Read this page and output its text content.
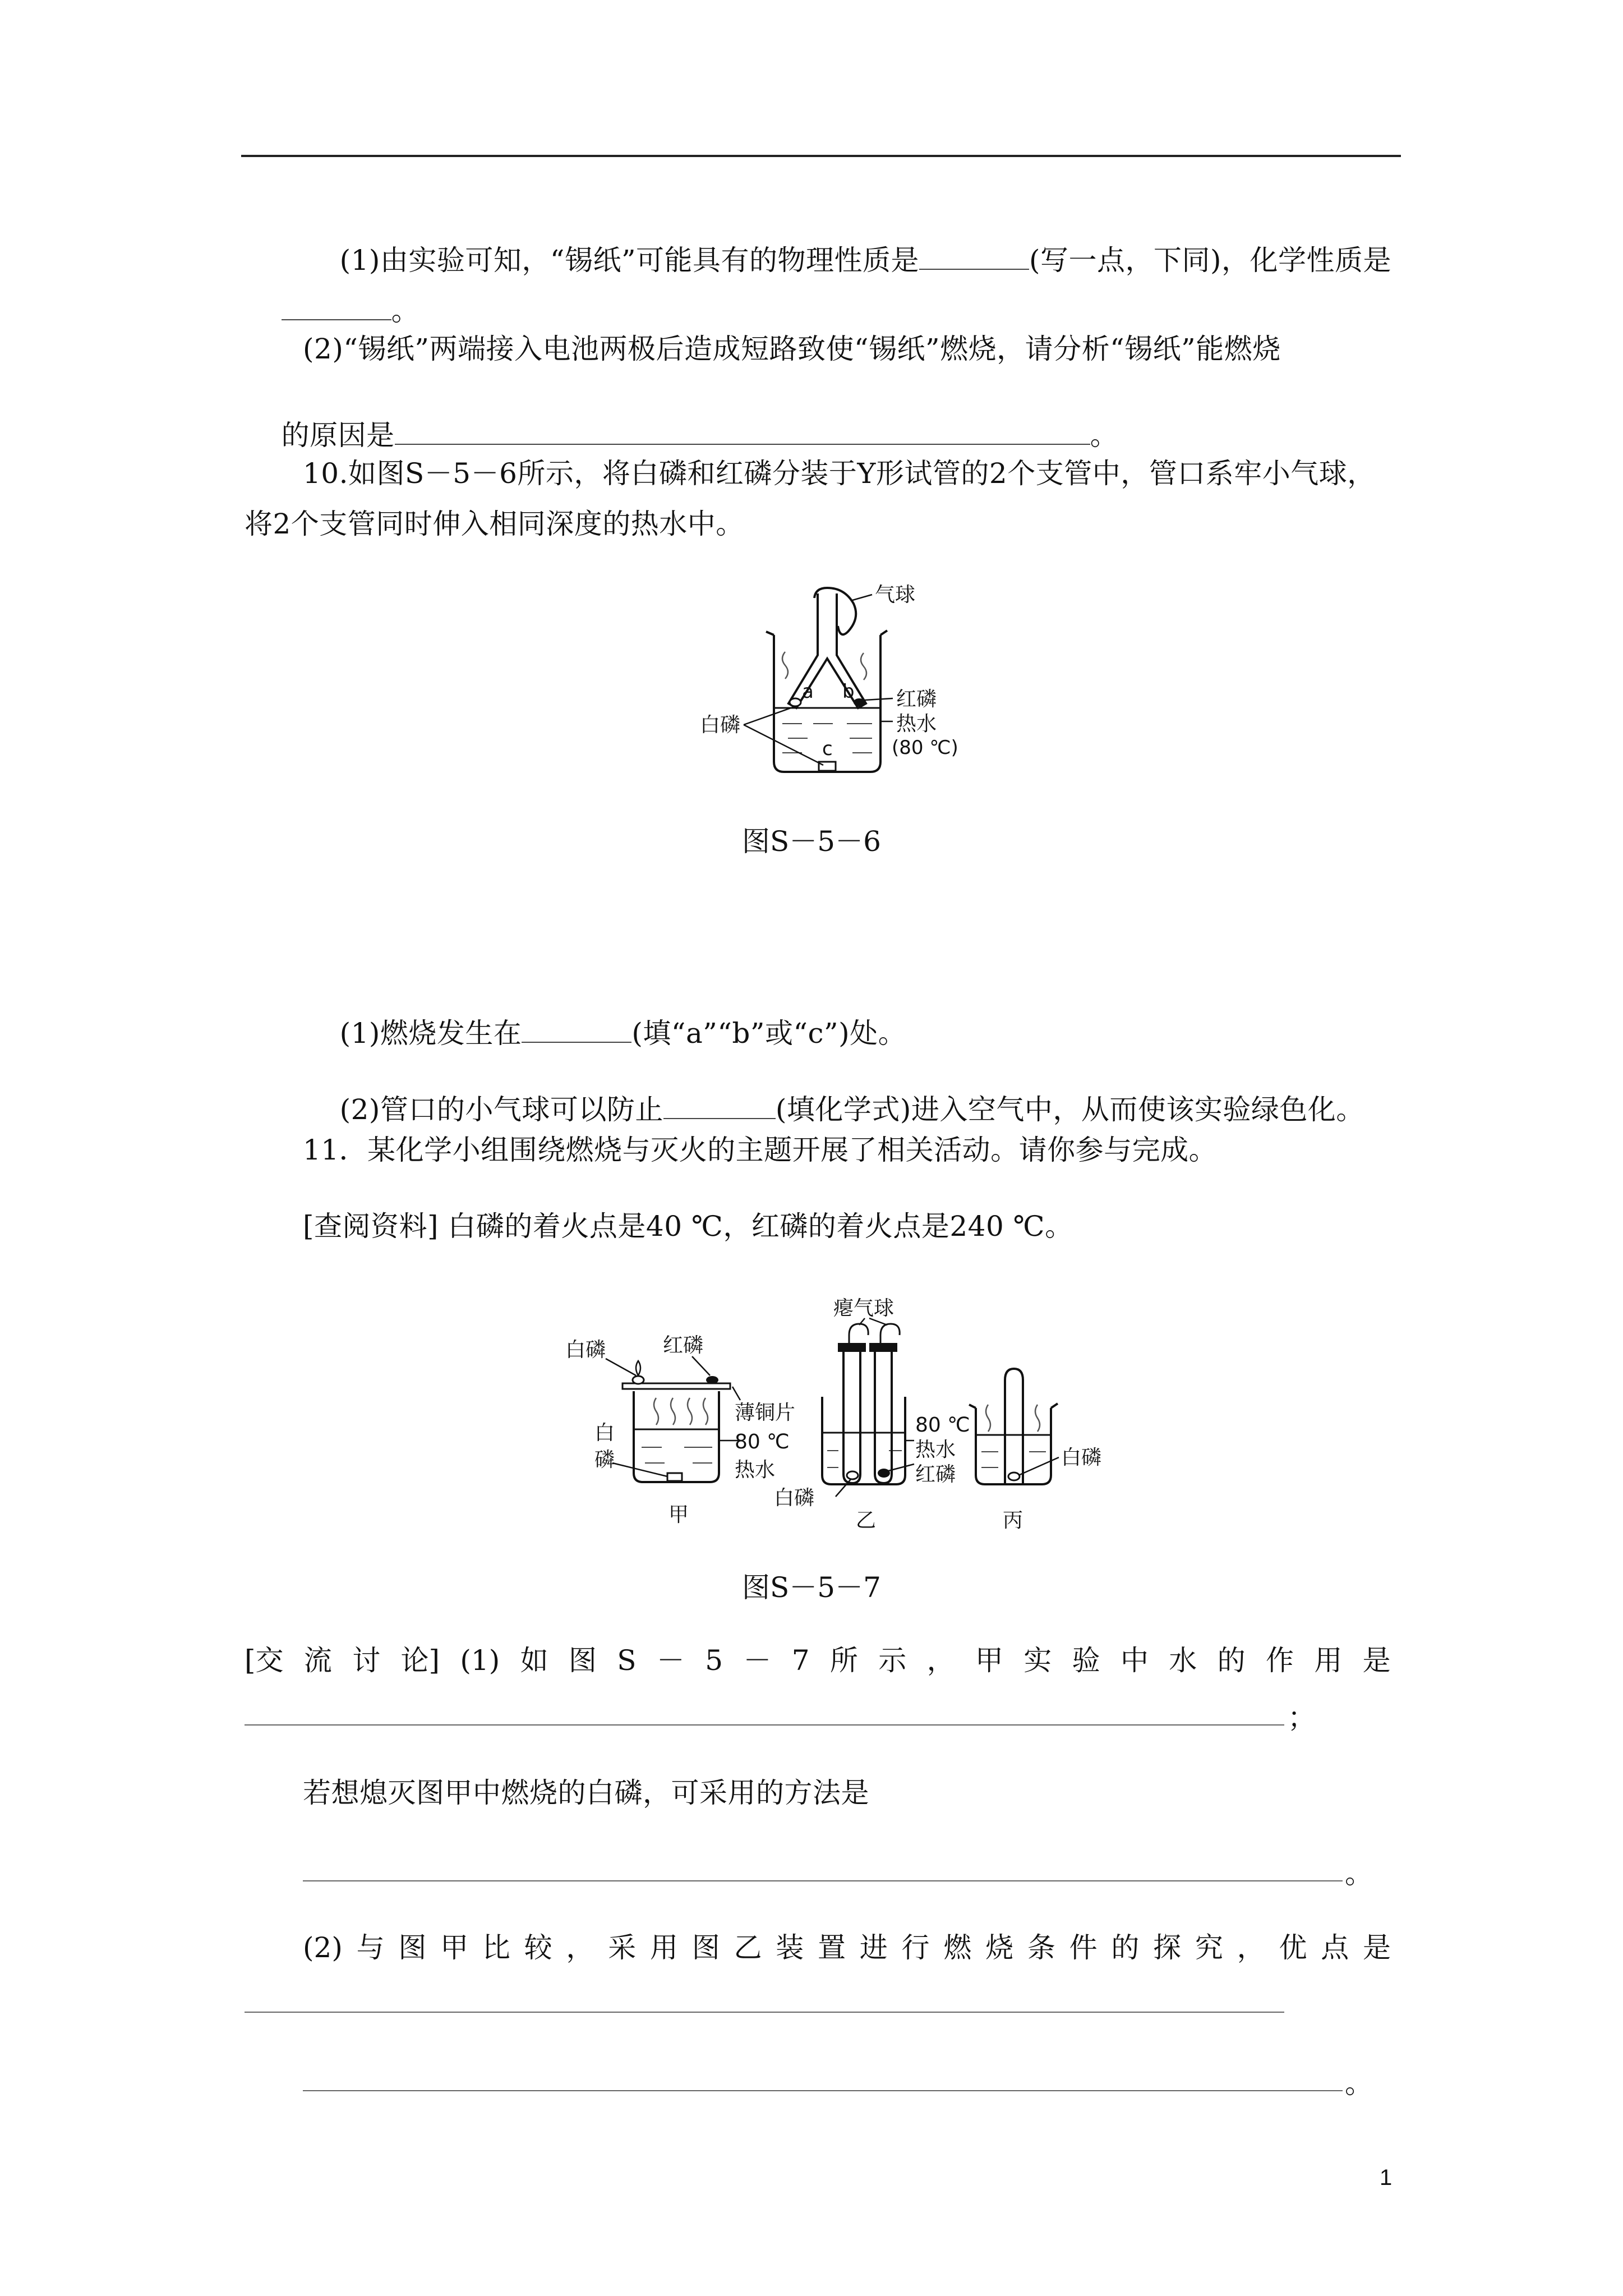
(1)由实验可知，“锡纸”可能具有的物理性质是	(写一点，下同)，化学性质是

。

(2)“锡纸”两端接入电池两极后造成短路致使“锡纸”燃烧，请分析“锡纸”能燃烧

的原因是	。

10.如图S－5－6所示，将白磷和红磷分装于Y形试管的2个支管中，管口系牢小气球，
将2个支管同时伸入相同深度的热水中。
气球
a b
c
红磷
白磷	热水
(80 ℃)
图S－5－6

(1)燃烧发生在	(填“a”“b”或“c”)处。

(2)管口的小气球可以防止	(填化学式)进入空气中，从而使该实验绿色化。

11．某化学小组围绕燃烧与灭火的主题开展了相关活动。请你参与完成。
[查阅资料] 白磷的着火点是40 ℃，红磷的着火点是240 ℃。
白磷	红磷
薄铜片
80 ℃
热水
白
磷
甲
瘪气球
80 ℃
热水
红磷
白磷
乙
白磷
丙
图S－5－7
[交 流 讨 论] (1) 如 图 S － 5 － 7 所 示 ， 甲 实 验 中 水 的 作 用 是
；
若想熄灭图甲中燃烧的白磷，可采用的方法是
。
(2) 与 图 甲 比 较 ， 采 用 图 乙 装 置 进 行 燃 烧 条 件 的 探 究 ， 优 点 是
。
1
